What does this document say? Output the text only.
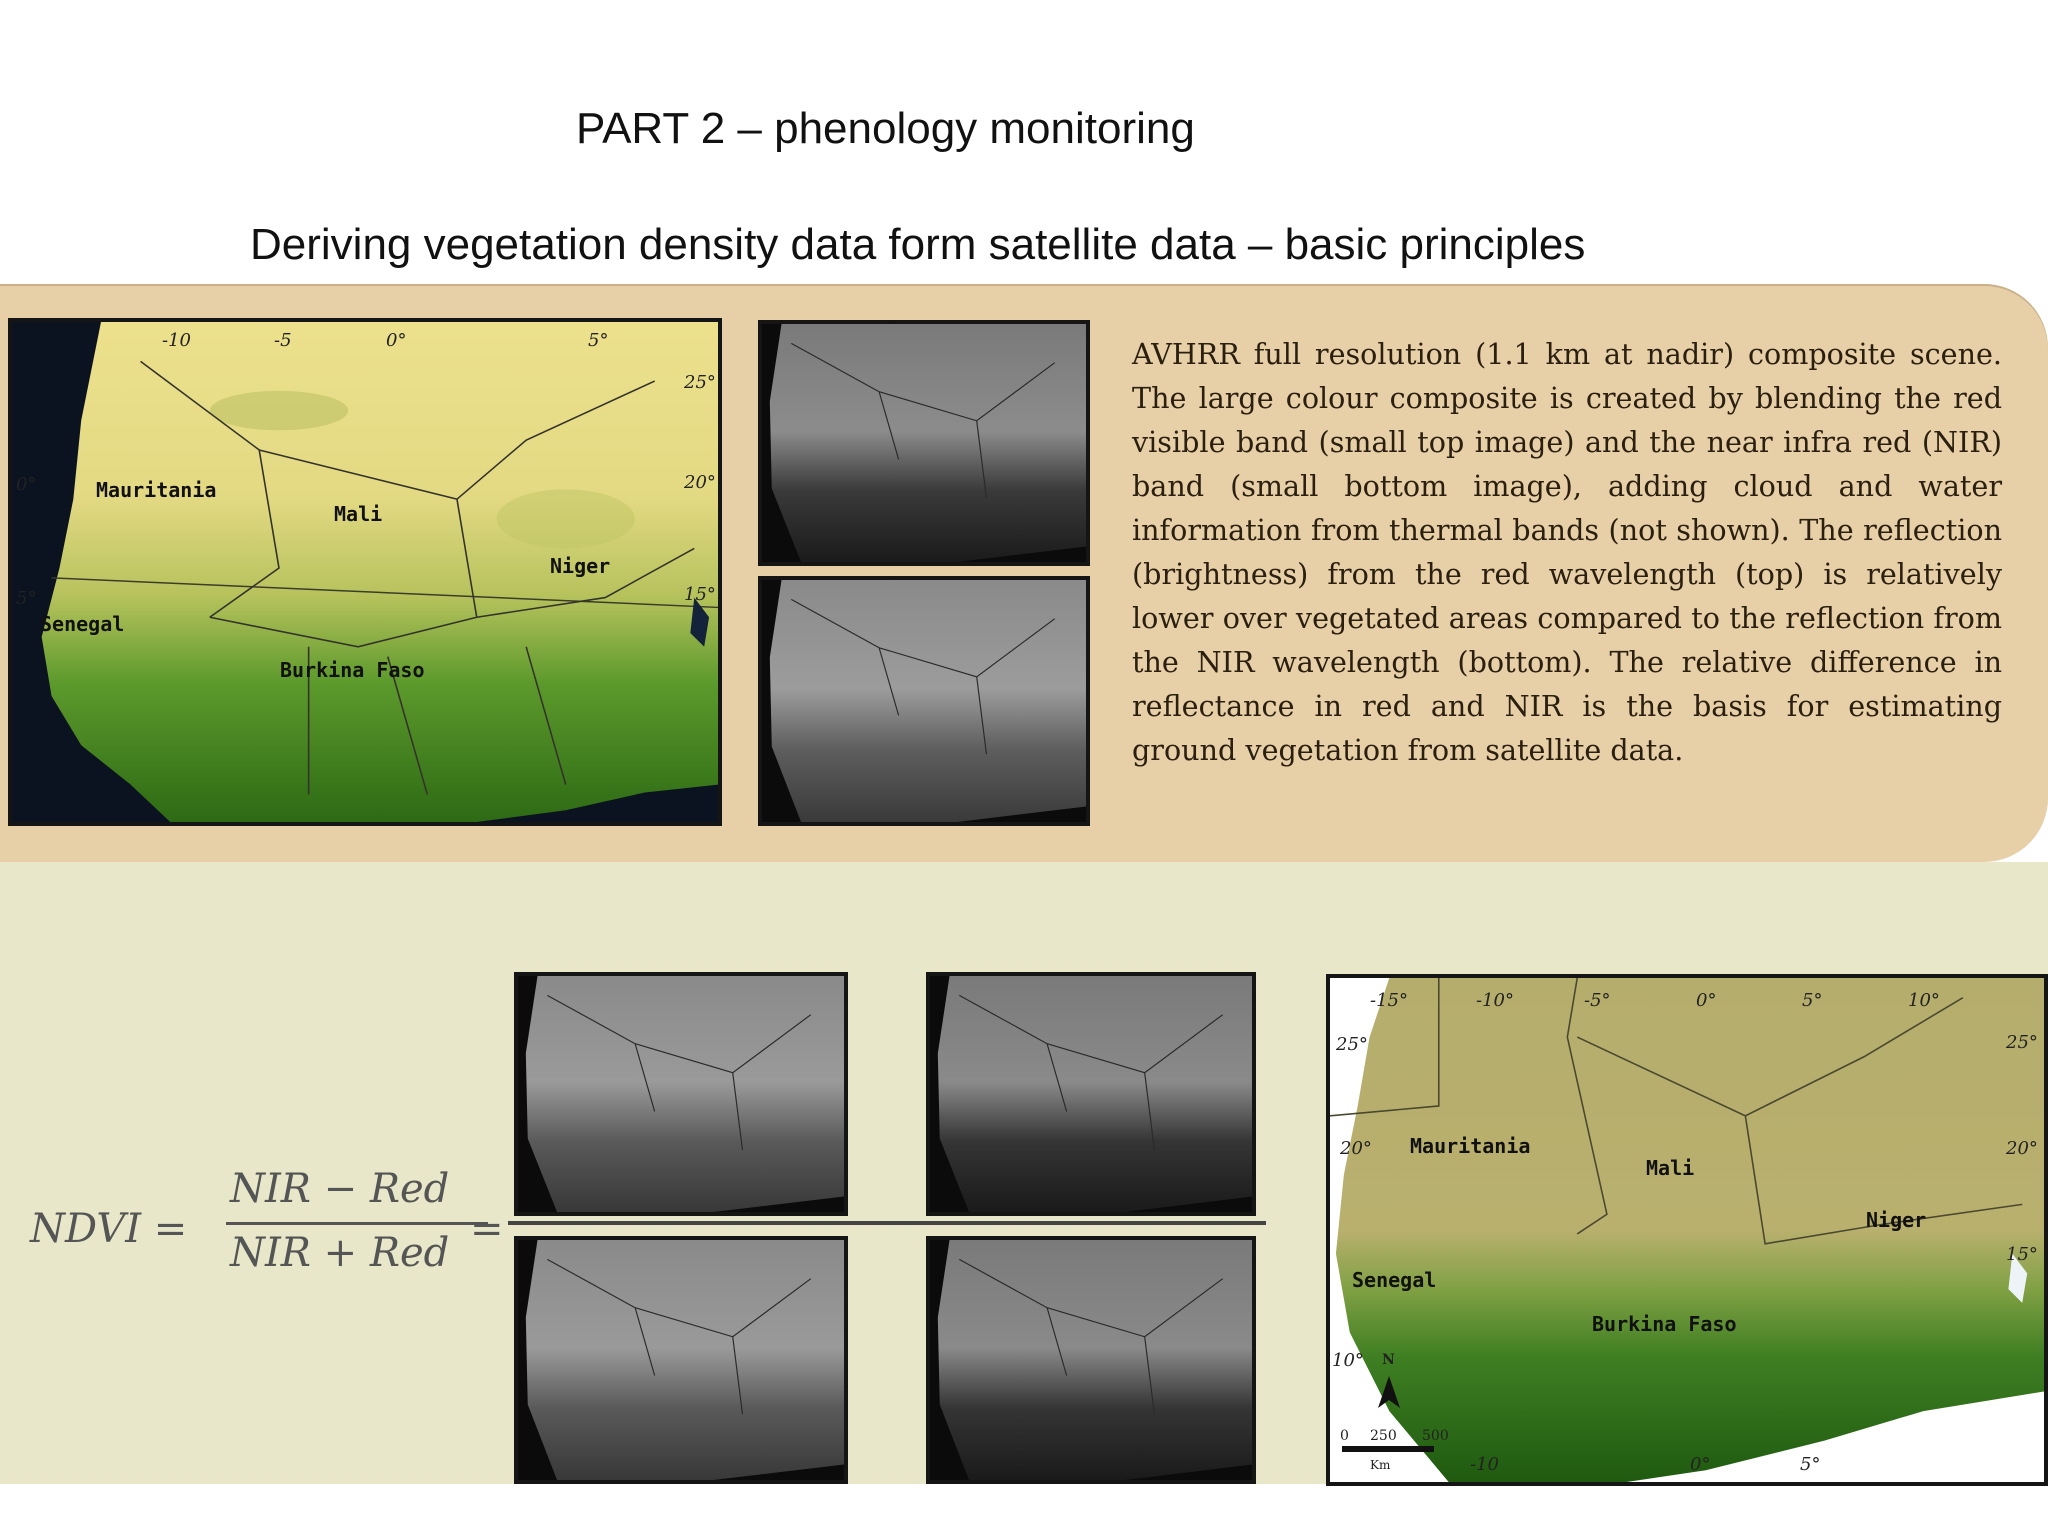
PART 2 – phenology monitoring
Deriving vegetation density data form satellite data – basic principles
-10	-5	0°	5°
25°
20°
15°
0°
5°
Mauritania
Mali
Niger
Senegal
Burkina Faso
AVHRR full resolution (1.1 km at nadir) composite scene. The large colour composite is created by blending the red visible band (small top image) and the near infra red (NIR) band (small bottom image), adding cloud and water information from thermal bands (not shown). The reflection (brightness) from the red wavelength (top) is relatively lower over vegetated areas compared to the reflection from the NIR wavelength (bottom). The relative difference in reflectance in red and NIR is the basis for estimating ground vegetation from satellite data.
NDVI =
NIR − Red
NIR + Red
=
-15°	-10°	-5°	0°	5°	10°
25°
20°
10°
25°
20°
15°
-10	0°	5°
Mauritania
Mali
Niger
Senegal
Burkina Faso
N
0 250 500
Km
